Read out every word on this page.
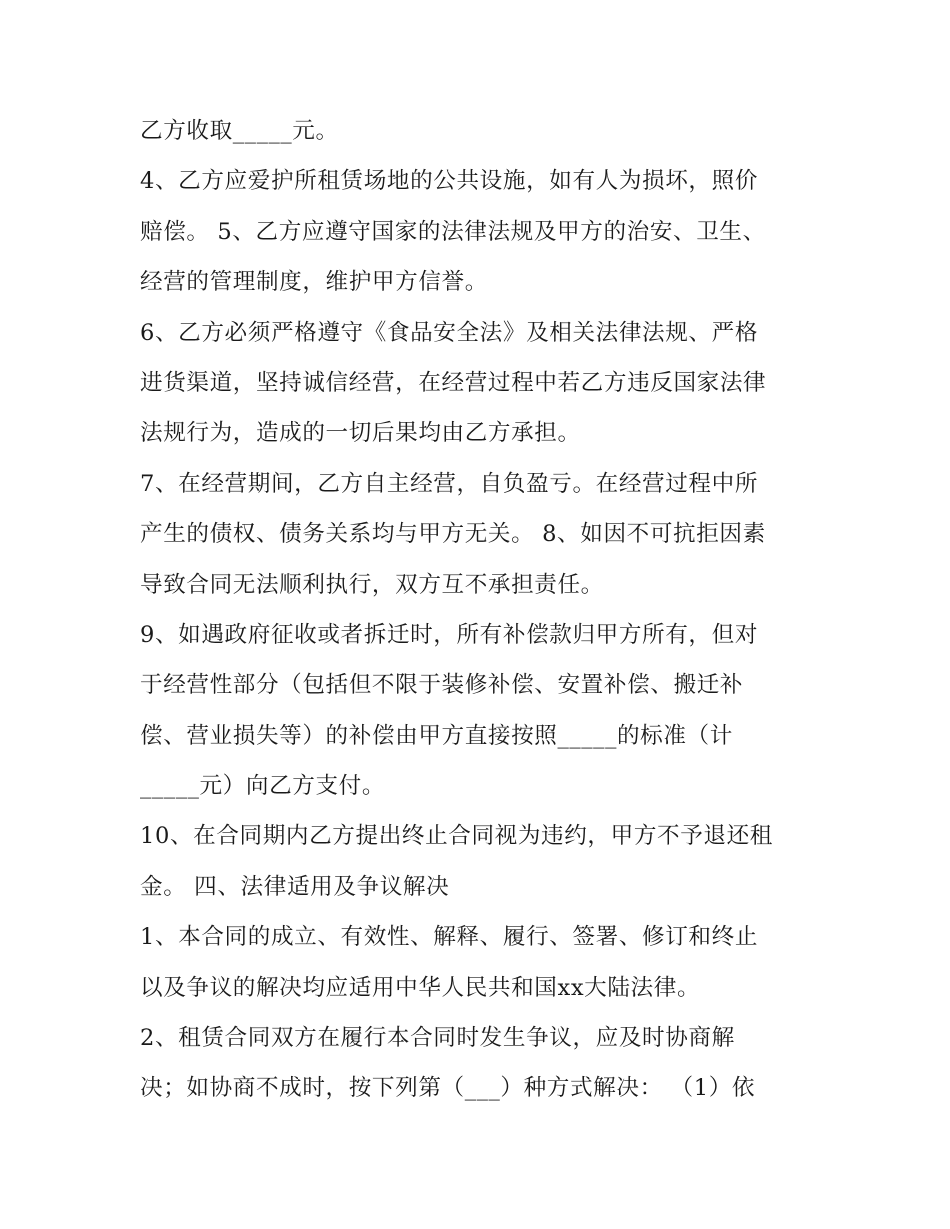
乙方收取_____元。
4、乙方应爱护所租赁场地的公共设施，如有人为损坏，照价
赔偿。 5、乙方应遵守国家的法律法规及甲方的治安、卫生、
经营的管理制度，维护甲方信誉。
6、乙方必须严格遵守《食品安全法》及相关法律法规、严格
进货渠道，坚持诚信经营，在经营过程中若乙方违反国家法律
法规行为，造成的一切后果均由乙方承担。
7、在经营期间，乙方自主经营，自负盈亏。在经营过程中所
产生的债权、债务关系均与甲方无关。 8、如因不可抗拒因素
导致合同无法顺利执行，双方互不承担责任。
9、如遇政府征收或者拆迁时，所有补偿款归甲方所有，但对
于经营性部分（包括但不限于装修补偿、安置补偿、搬迁补
偿、营业损失等）的补偿由甲方直接按照_____的标准（计
_____元）向乙方支付。
10、在合同期内乙方提出终止合同视为违约，甲方不予退还租
金。 四、法律适用及争议解决
1、本合同的成立、有效性、解释、履行、签署、修订和终止
以及争议的解决均应适用中华人民共和国xx大陆法律。
2、租赁合同双方在履行本合同时发生争议，应及时协商解
决；如协商不成时，按下列第（___）种方式解决： （1）依
